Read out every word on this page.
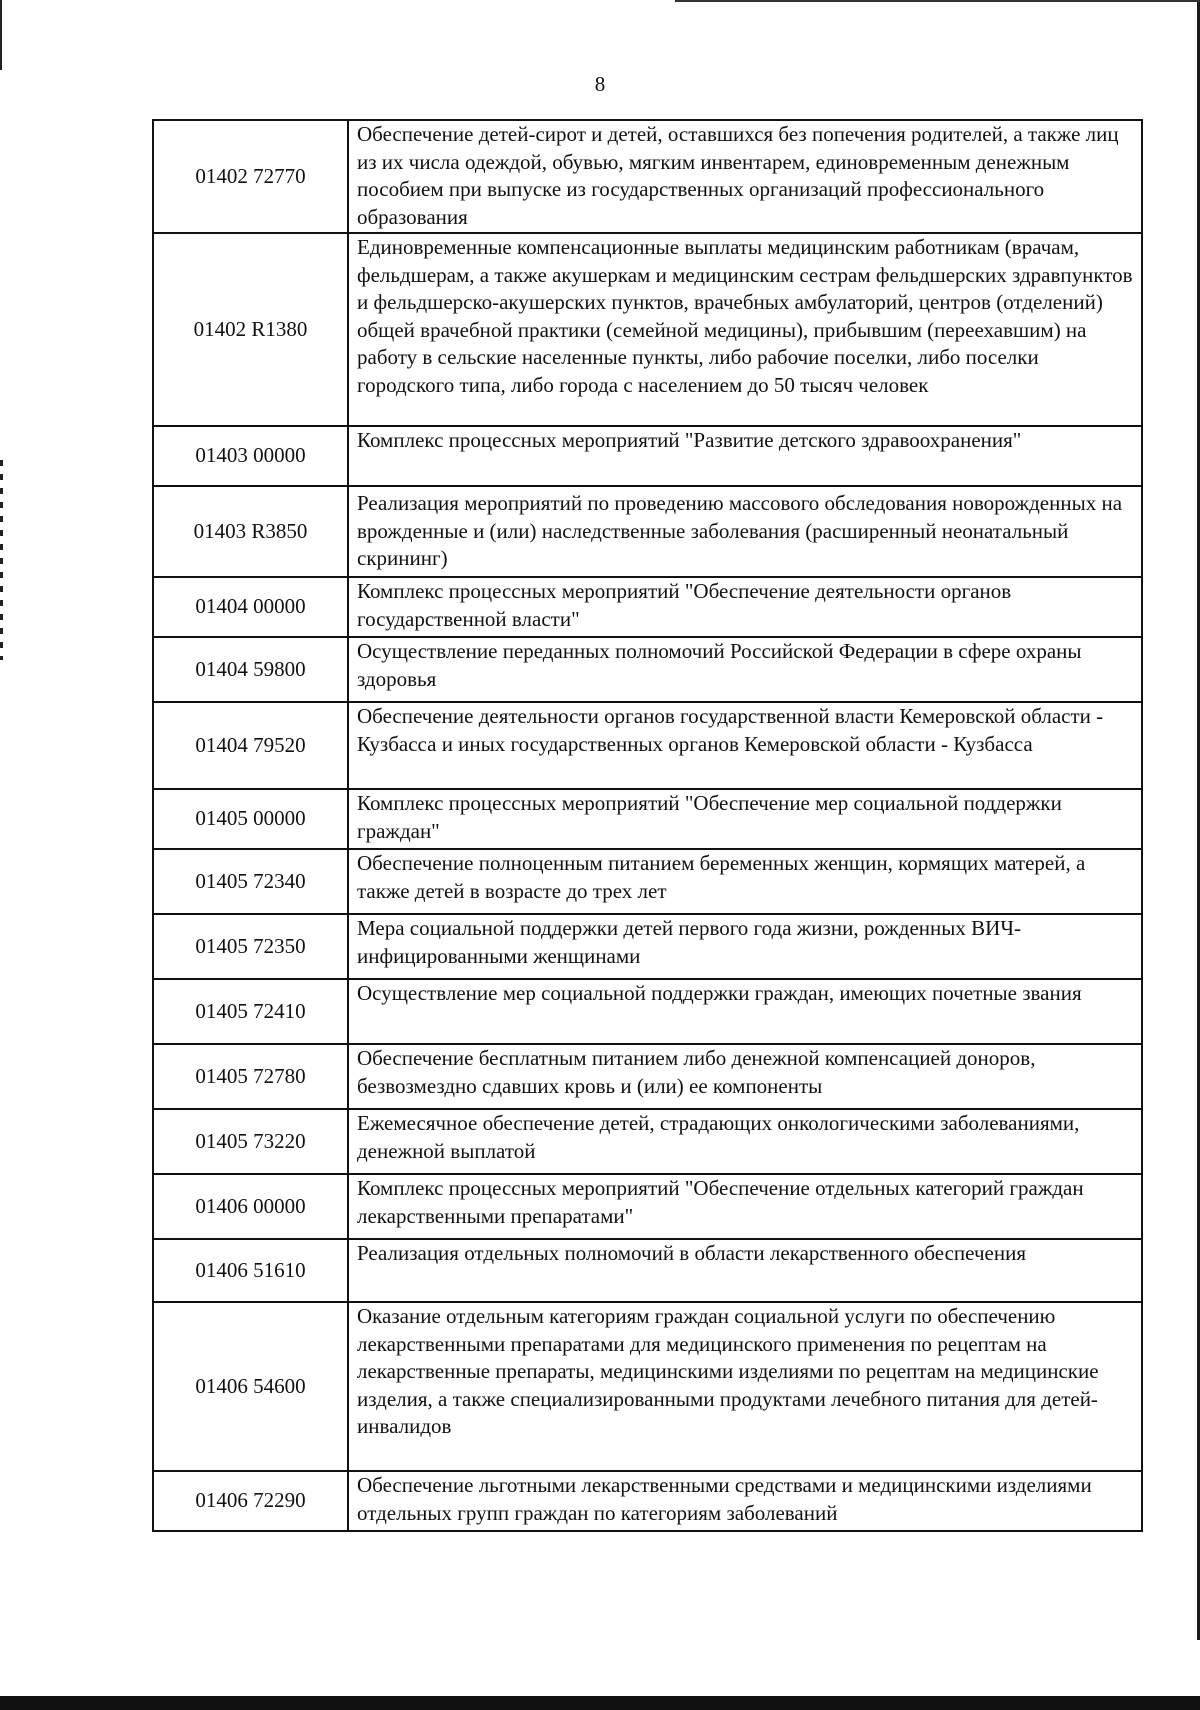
8
01402 72770	Обеспечение детей-сирот и детей, оставшихся без попечения родителей, а также лиц из их числа одеждой, обувью, мягким инвентарем, единовременным денежным пособием при выпуске из государственных организаций профессионального образования
01402 R1380	Единовременные компенсационные выплаты медицинским работникам (врачам, фельдшерам, а также акушеркам и медицинским сестрам фельдшерских здравпунктов и фельдшерско-акушерских пунктов, врачебных амбулаторий, центров (отделений) общей врачебной практики (семейной медицины), прибывшим (переехавшим) на работу в сельские населенные пункты, либо рабочие поселки, либо поселки городского типа, либо города с населением до 50 тысяч человек
01403 00000	Комплекс процессных мероприятий "Развитие детского здравоохранения"
01403 R3850	Реализация мероприятий по проведению массового обследования новорожденных на врожденные и (или) наследственные заболевания (расширенный неонатальный скрининг)
01404 00000	Комплекс процессных мероприятий "Обеспечение деятельности органов государственной власти"
01404 59800	Осуществление переданных полномочий Российской Федерации в сфере охраны здоровья
01404 79520	Обеспечение деятельности органов государственной власти Кемеровской области - Кузбасса и иных государственных органов Кемеровской области - Кузбасса
01405 00000	Комплекс процессных мероприятий "Обеспечение мер социальной поддержки граждан"
01405 72340	Обеспечение полноценным питанием беременных женщин, кормящих матерей, а также детей в возрасте до трех лет
01405 72350	Мера социальной поддержки детей первого года жизни, рожденных ВИЧ-инфицированными женщинами
01405 72410	Осуществление мер социальной поддержки граждан, имеющих почетные звания
01405 72780	Обеспечение бесплатным питанием либо денежной компенсацией доноров, безвозмездно сдавших кровь и (или) ее компоненты
01405 73220	Ежемесячное обеспечение детей, страдающих онкологическими заболеваниями, денежной выплатой
01406 00000	Комплекс процессных мероприятий "Обеспечение отдельных категорий граждан лекарственными препаратами"
01406 51610	Реализация отдельных полномочий в области лекарственного обеспечения
01406 54600	Оказание отдельным категориям граждан социальной услуги по обеспечению лекарственными препаратами для медицинского применения по рецептам на лекарственные препараты, медицинскими изделиями по рецептам на медицинские изделия, а также специализированными продуктами лечебного питания для детей-инвалидов
01406 72290	Обеспечение льготными лекарственными средствами и медицинскими изделиями отдельных групп граждан по категориям заболеваний
